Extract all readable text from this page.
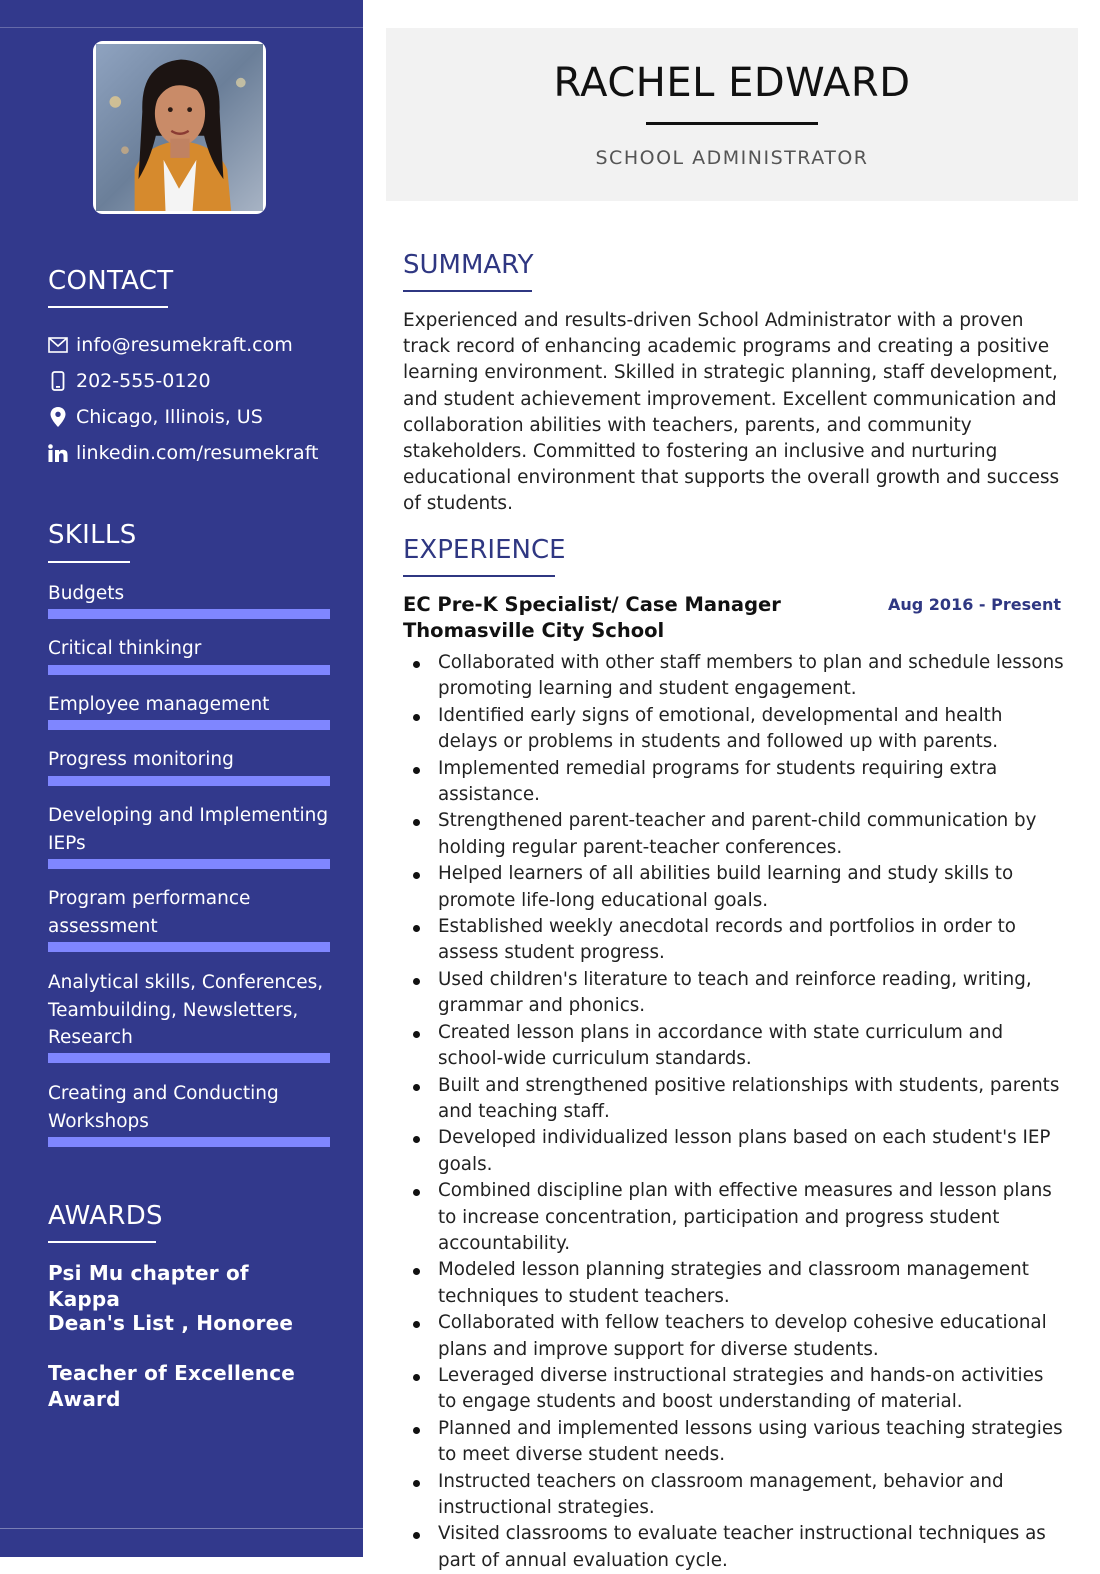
CONTACT
info@resumekraft.com
202-555-0120
Chicago, Illinois, US
linkedin.com/resumekraft
SKILLS
Budgets
Critical thinkingr
Employee management
Progress monitoring
Developing and Implementing IEPs
Program performance assessment
Analytical skills, Conferences, Teambuilding, Newsletters, Research
Creating and Conducting Workshops
AWARDS
Psi Mu chapter of Kappa
Dean's List , Honoree
Teacher of Excellence Award
RACHEL EDWARD
SCHOOL ADMINISTRATOR
SUMMARY
Experienced and results-driven School Administrator with a proven track record of enhancing academic programs and creating a positive learning environment. Skilled in strategic planning, staff development, and student achievement improvement. Excellent communication and collaboration abilities with teachers, parents, and community stakeholders. Committed to fostering an inclusive and nurturing educational environment that supports the overall growth and success of students.
EXPERIENCE
EC Pre-K Specialist/ Case Manager	Aug 2016 - Present
Thomasville City School
Collaborated with other staff members to plan and schedule lessons promoting learning and student engagement.
Identified early signs of emotional, developmental and health delays or problems in students and followed up with parents.
Implemented remedial programs for students requiring extra assistance.
Strengthened parent-teacher and parent-child communication by holding regular parent-teacher conferences.
Helped learners of all abilities build learning and study skills to promote life-long educational goals.
Established weekly anecdotal records and portfolios in order to assess student progress.
Used children's literature to teach and reinforce reading, writing, grammar and phonics.
Created lesson plans in accordance with state curriculum and school-wide curriculum standards.
Built and strengthened positive relationships with students, parents and teaching staff.
Developed individualized lesson plans based on each student's IEP goals.
Combined discipline plan with effective measures and lesson plans to increase concentration, participation and progress student accountability.
Modeled lesson planning strategies and classroom management techniques to student teachers.
Collaborated with fellow teachers to develop cohesive educational plans and improve support for diverse students.
Leveraged diverse instructional strategies and hands-on activities to engage students and boost understanding of material.
Planned and implemented lessons using various teaching strategies to meet diverse student needs.
Instructed teachers on classroom management, behavior and instructional strategies.
Visited classrooms to evaluate teacher instructional techniques as part of annual evaluation cycle.
